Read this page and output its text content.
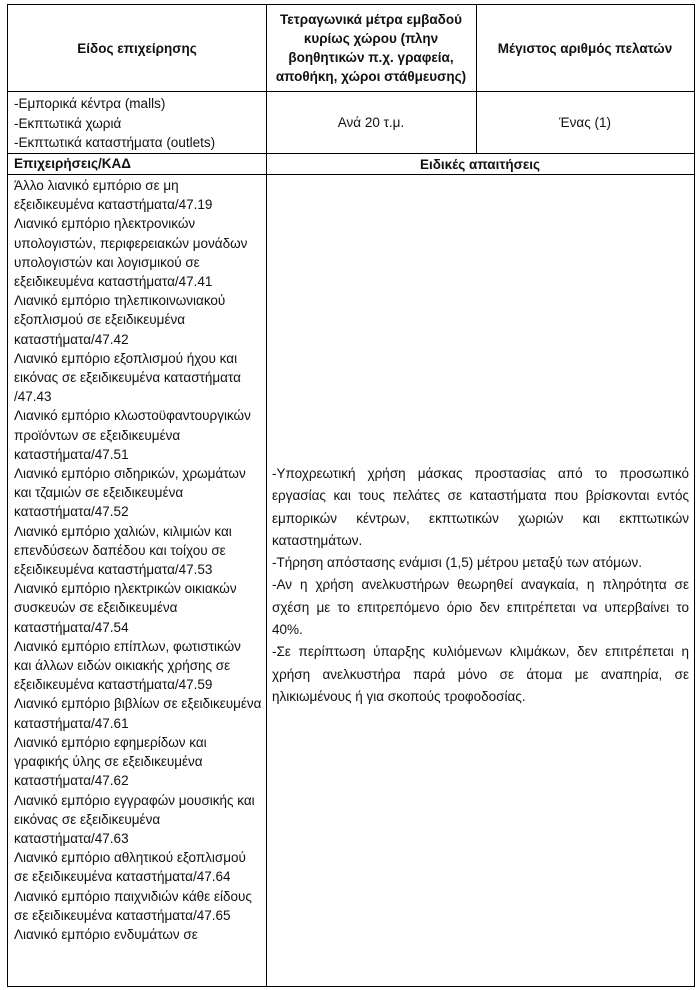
Είδος επιχείρησης
Τετραγωνικά μέτρα εμβαδού κυρίως χώρου (πλην βοηθητικών π.χ. γραφεία, αποθήκη, χώροι στάθμευσης)
Μέγιστος αριθμός πελατών
-Εμπορικά κέντρα (malls)
-Εκπτωτικά χωριά
-Εκπτωτικά καταστήματα (outlets)
Ανά 20 τ.μ.	Ένας (1)
Επιχειρήσεις/ΚΑΔ	Ειδικές απαιτήσεις

Άλλο λιανικό εμπόριο σε μη εξειδικευμένα καταστήματα/47.19

Λιανικό εμπόριο ηλεκτρονικών υπολογιστών, περιφερειακών μονάδων υπολογιστών και λογισμικού σε εξειδικευμένα καταστήματα/47.41

Λιανικό εμπόριο τηλεπικοινωνιακού εξοπλισμού σε εξειδικευμένα καταστήματα/47.42

Λιανικό εμπόριο εξοπλισμού ήχου και εικόνας σε εξειδικευμένα καταστήματα /47.43

Λιανικό εμπόριο κλωστοϋφαντουργικών προϊόντων σε εξειδικευμένα καταστήματα/47.51

Λιανικό εμπόριο σιδηρικών, χρωμάτων και τζαμιών σε εξειδικευμένα καταστήματα/47.52

Λιανικό εμπόριο χαλιών, κιλιμιών και επενδύσεων δαπέδου και τοίχου σε εξειδικευμένα καταστήματα/47.53

Λιανικό εμπόριο ηλεκτρικών οικιακών συσκευών σε εξειδικευμένα καταστήματα/47.54

Λιανικό εμπόριο επίπλων, φωτιστικών και άλλων ειδών οικιακής χρήσης σε εξειδικευμένα καταστήματα/47.59

Λιανικό εμπόριο βιβλίων σε εξειδικευμένα καταστήματα/47.61

Λιανικό εμπόριο εφημερίδων και γραφικής ύλης σε εξειδικευμένα καταστήματα/47.62

Λιανικό εμπόριο εγγραφών μουσικής και εικόνας σε εξειδικευμένα καταστήματα/47.63

Λιανικό εμπόριο αθλητικού εξοπλισμού σε εξειδικευμένα καταστήματα/47.64

Λιανικό εμπόριο παιχνιδιών κάθε είδους σε εξειδικευμένα καταστήματα/47.65

Λιανικό εμπόριο ενδυμάτων σε

-Υποχρεωτική χρήση μάσκας προστασίας από το προσωπικό εργασίας και τους πελάτες σε καταστήματα που βρίσκονται εντός εμπορικών κέντρων, εκπτωτικών χωριών και εκπτωτικών καταστημάτων.

-Τήρηση απόστασης ενάμισι (1,5) μέτρου μεταξύ των ατόμων.

-Αν η χρήση ανελκυστήρων θεωρηθεί αναγκαία, η πληρότητα σε σχέση με το επιτρεπόμενο όριο δεν επιτρέπεται να υπερβαίνει το 40%.

-Σε περίπτωση ύπαρξης κυλιόμενων κλιμάκων, δεν επιτρέπεται η χρήση ανελκυστήρα παρά μόνο σε άτομα με αναπηρία, σε ηλικιωμένους ή για σκοπούς τροφοδοσίας.
